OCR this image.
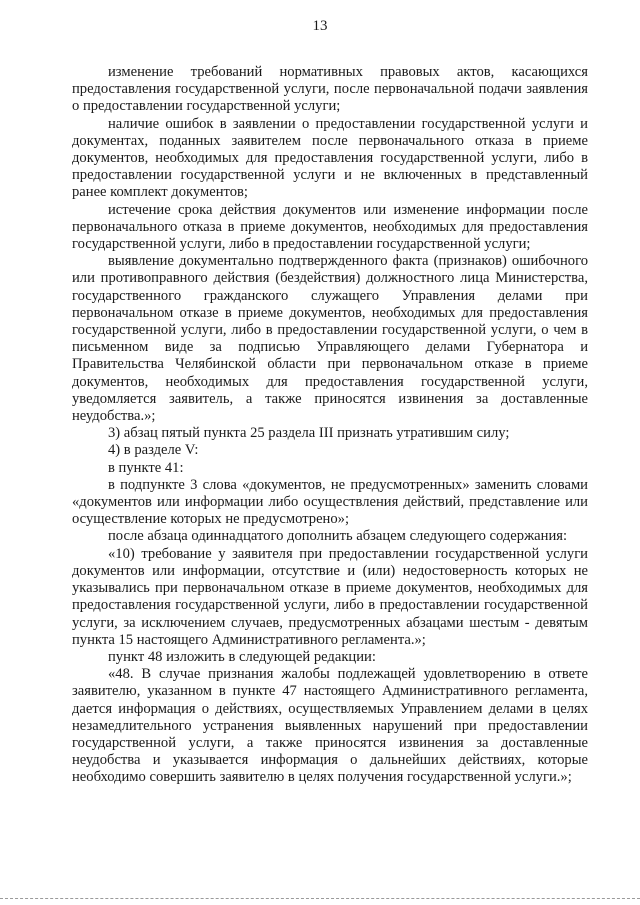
13

изменение требований нормативных правовых актов, касающихся предоставления государственной услуги, после первоначальной подачи заявления о предоставлении государственной услуги;

наличие ошибок в заявлении о предоставлении государственной услуги и документах, поданных заявителем после первоначального отказа в приеме документов, необходимых для предоставления государственной услуги, либо в предоставлении государственной услуги и не включенных в представленный ранее комплект документов;

истечение срока действия документов или изменение информации после первоначального отказа в приеме документов, необходимых для предоставления государственной услуги, либо в предоставлении государственной услуги;

выявление документально подтвержденного факта (признаков) ошибочного или противоправного действия (бездействия) должностного лица Министерства, государственного гражданского служащего Управления делами при первоначальном отказе в приеме документов, необходимых для предоставления государственной услуги, либо в предоставлении государственной услуги, о чем в письменном виде за подписью Управляющего делами Губернатора и Правительства Челябинской области при первоначальном отказе в приеме документов, необходимых для предоставления государственной услуги, уведомляется заявитель, а также приносятся извинения за доставленные неудобства.»;

3) абзац пятый пункта 25 раздела III признать утратившим силу;

4) в разделе V:

в пункте 41:

в подпункте 3 слова «документов, не предусмотренных» заменить словами «документов или информации либо осуществления действий, представление или осуществление которых не предусмотрено»;

после абзаца одиннадцатого дополнить абзацем следующего содержания:

«10) требование у заявителя при предоставлении государственной услуги документов или информации, отсутствие и (или) недостоверность которых не указывались при первоначальном отказе в приеме документов, необходимых для предоставления государственной услуги, либо в предоставлении государственной услуги, за исключением случаев, предусмотренных абзацами шестым - девятым пункта 15 настоящего Административного регламента.»;

пункт 48 изложить в следующей редакции:

«48. В случае признания жалобы подлежащей удовлетворению в ответе заявителю, указанном в пункте 47 настоящего Административного регламента, дается информация о действиях, осуществляемых Управлением делами в целях незамедлительного устранения выявленных нарушений при предоставлении государственной услуги, а также приносятся извинения за доставленные неудобства и указывается информация о дальнейших действиях, которые необходимо совершить заявителю в целях получения государственной услуги.»;
